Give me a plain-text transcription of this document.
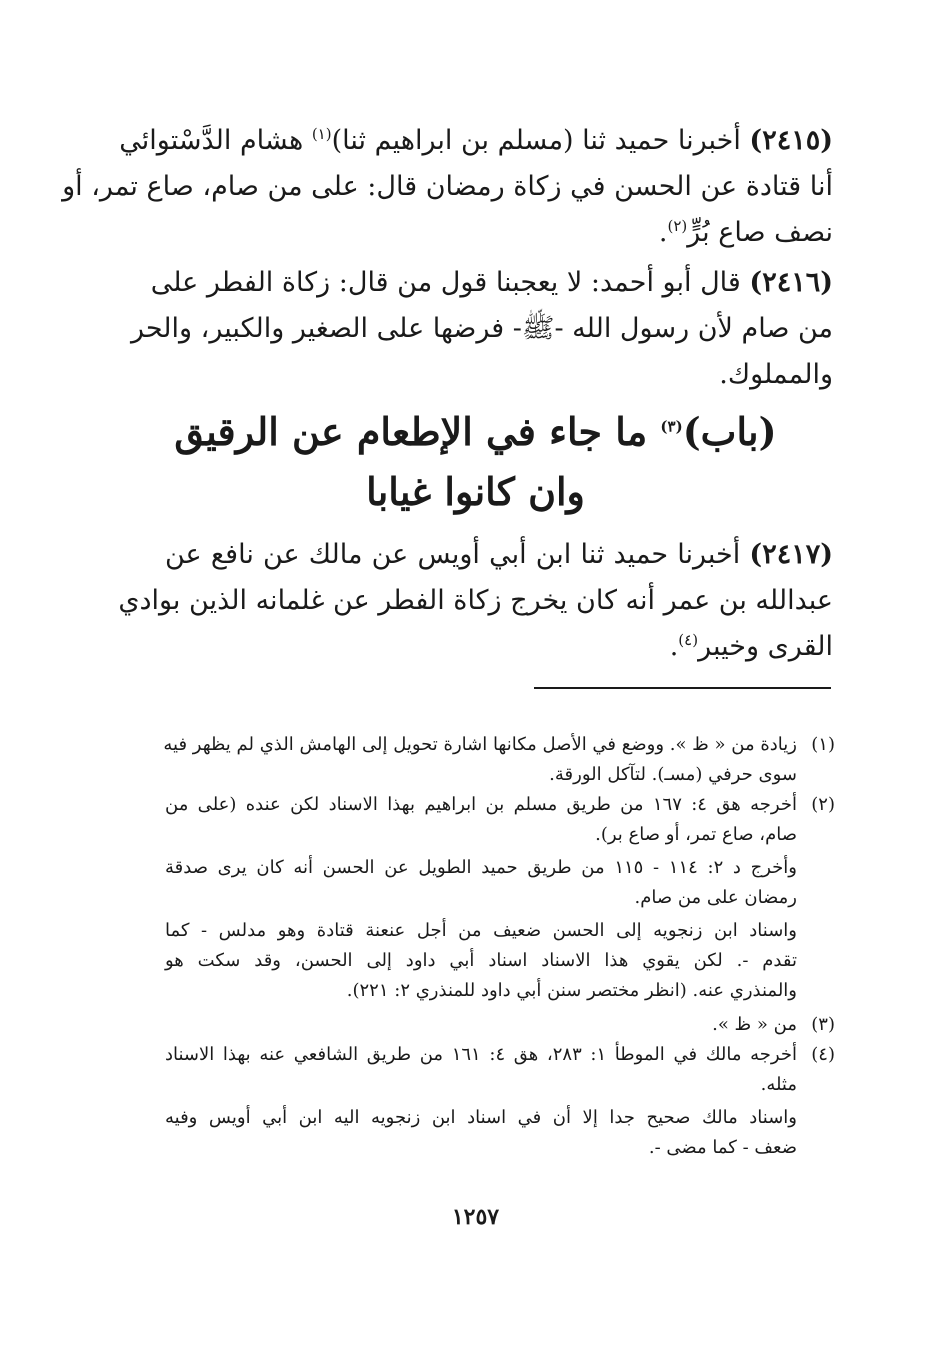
(٢٤١٥) أخبرنا حميد ثنا (مسلم بن ابراهيم ثنا)$^{(١)}$ هشام الدَّسْتوائي
أنا قتادة عن الحسن في زكاة رمضان قال: على من صام، صاع تمر، أو
نصف صاع بُرٍّ$^{(٢)}$.
(٢٤١٦) قال أبو أحمد: لا يعجبنا قول من قال: زكاة الفطر على
من صام لأن رسول الله -ﷺ- فرضها على الصغير والكبير، والحر
والمملوك.
(باب)$^{(٣)}$ ما جاء في الإطعام عن الرقيق
وان كانوا غيابا
(٢٤١٧) أخبرنا حميد ثنا ابن أبي أويس عن مالك عن نافع عن
عبدالله بن عمر أنه كان يخرج زكاة الفطر عن غلمانه الذين بوادي
القرى وخيبر$^{(٤)}$.
(١)
زيادة من « ظ ». ووضع في الأصل مكانها اشارة تحويل إلى الهامش الذي لم يظهر فيه
سوى حرفي (مسـ). لتآكل الورقة.
(٢)
أخرجه هق ٤: ١٦٧ من طريق مسلم بن ابراهيم بهذا الاسناد لكن عنده (على من
صام، صاع تمر، أو صاع بر).
وأخرج د ٢: ١١٤ - ١١٥ من طريق حميد الطويل عن الحسن أنه كان يرى صدقة
رمضان على من صام.
واسناد ابن زنجويه إلى الحسن ضعيف من أجل عنعنة قتادة وهو مدلس - كما
تقدم -. لكن يقوي هذا الاسناد اسناد أبي داود إلى الحسن، وقد سكت هو
والمنذري عنه. (انظر مختصر سنن أبي داود للمنذري ٢: ٢٢١).
(٣)
من « ظ ».
(٤)
أخرجه مالك في الموطأ ١: ٢٨٣، هق ٤: ١٦١ من طريق الشافعي عنه بهذا الاسناد
مثله.
واسناد مالك صحيح جدا إلا أن في اسناد ابن زنجويه اليه ابن أبي أويس وفيه
ضعف - كما مضى -.
١٢٥٧
